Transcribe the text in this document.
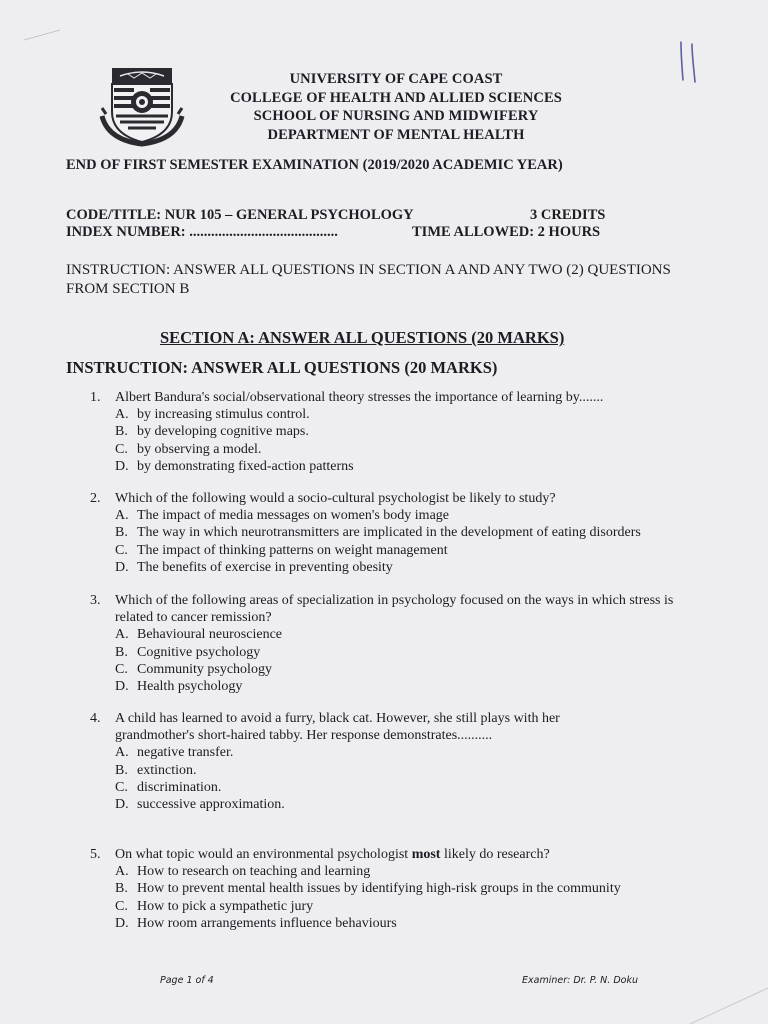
UNIVERSITY OF CAPE COAST
COLLEGE OF HEALTH AND ALLIED SCIENCES
SCHOOL OF NURSING AND MIDWIFERY
DEPARTMENT OF MENTAL HEALTH
END OF FIRST SEMESTER EXAMINATION (2019/2020 ACADEMIC YEAR)
CODE/TITLE: NUR 105 – GENERAL PSYCHOLOGY	3 CREDITS
INDEX NUMBER: .........................................	TIME ALLOWED: 2 HOURS
INSTRUCTION: ANSWER ALL QUESTIONS IN SECTION A AND ANY TWO (2) QUESTIONS FROM SECTION B
SECTION A: ANSWER ALL QUESTIONS (20 MARKS)
INSTRUCTION: ANSWER ALL QUESTIONS (20 MARKS)
1.	Albert Bandura's social/observational theory stresses the importance of learning by.......
A. by increasing stimulus control.
B. by developing cognitive maps.
C. by observing a model.
D. by demonstrating fixed-action patterns
2.	Which of the following would a socio-cultural psychologist be likely to study?
A. The impact of media messages on women's body image
B. The way in which neurotransmitters are implicated in the development of eating disorders
C. The impact of thinking patterns on weight management
D. The benefits of exercise in preventing obesity
3.	Which of the following areas of specialization in psychology focused on the ways in which stress is related to cancer remission?
A. Behavioural neuroscience
B. Cognitive psychology
C. Community psychology
D. Health psychology
4.	A child has learned to avoid a furry, black cat. However, she still plays with her grandmother's short-haired tabby. Her response demonstrates..........
A. negative transfer.
B. extinction.
C. discrimination.
D. successive approximation.
5.	On what topic would an environmental psychologist most likely do research?
A. How to research on teaching and learning
B. How to prevent mental health issues by identifying high-risk groups in the community
C. How to pick a sympathetic jury
D. How room arrangements influence behaviours
Page 1 of 4	Examiner: Dr. P. N. Doku
